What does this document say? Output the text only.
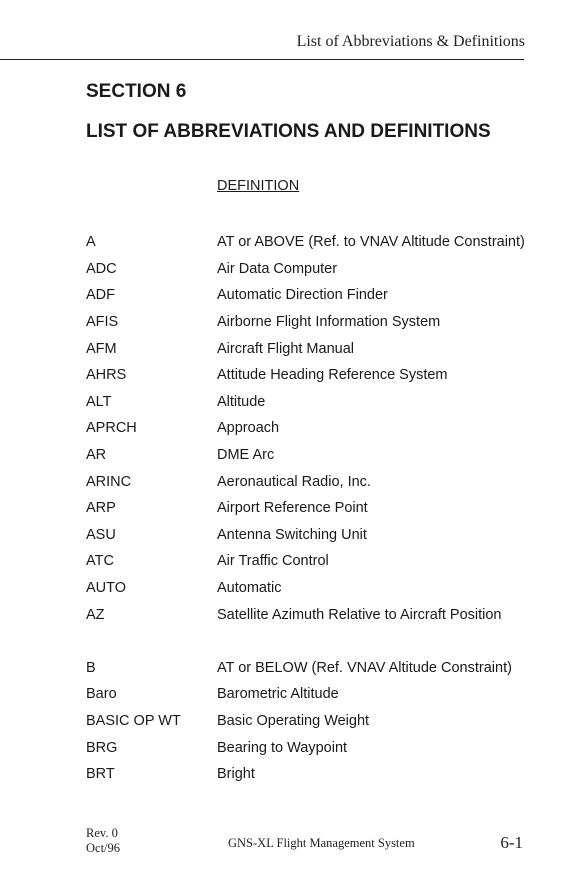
List of Abbreviations & Definitions
SECTION 6
LIST OF ABBREVIATIONS AND DEFINITIONS
DEFINITION
A	AT or ABOVE (Ref. to VNAV Altitude Constraint)
ADC	Air Data Computer
ADF	Automatic Direction Finder
AFIS	Airborne Flight Information System
AFM	Aircraft Flight Manual
AHRS	Attitude Heading Reference System
ALT	Altitude
APRCH	Approach
AR	DME Arc
ARINC	Aeronautical Radio, Inc.
ARP	Airport Reference Point
ASU	Antenna Switching Unit
ATC	Air Traffic Control
AUTO	Automatic
AZ	Satellite Azimuth Relative to Aircraft Position
B	AT or BELOW (Ref. VNAV Altitude Constraint)
Baro	Barometric Altitude
BASIC OP WT	Basic Operating Weight
BRG	Bearing to Waypoint
BRT	Bright
Rev. 0
Oct/96	GNS-XL Flight Management System	6-1
